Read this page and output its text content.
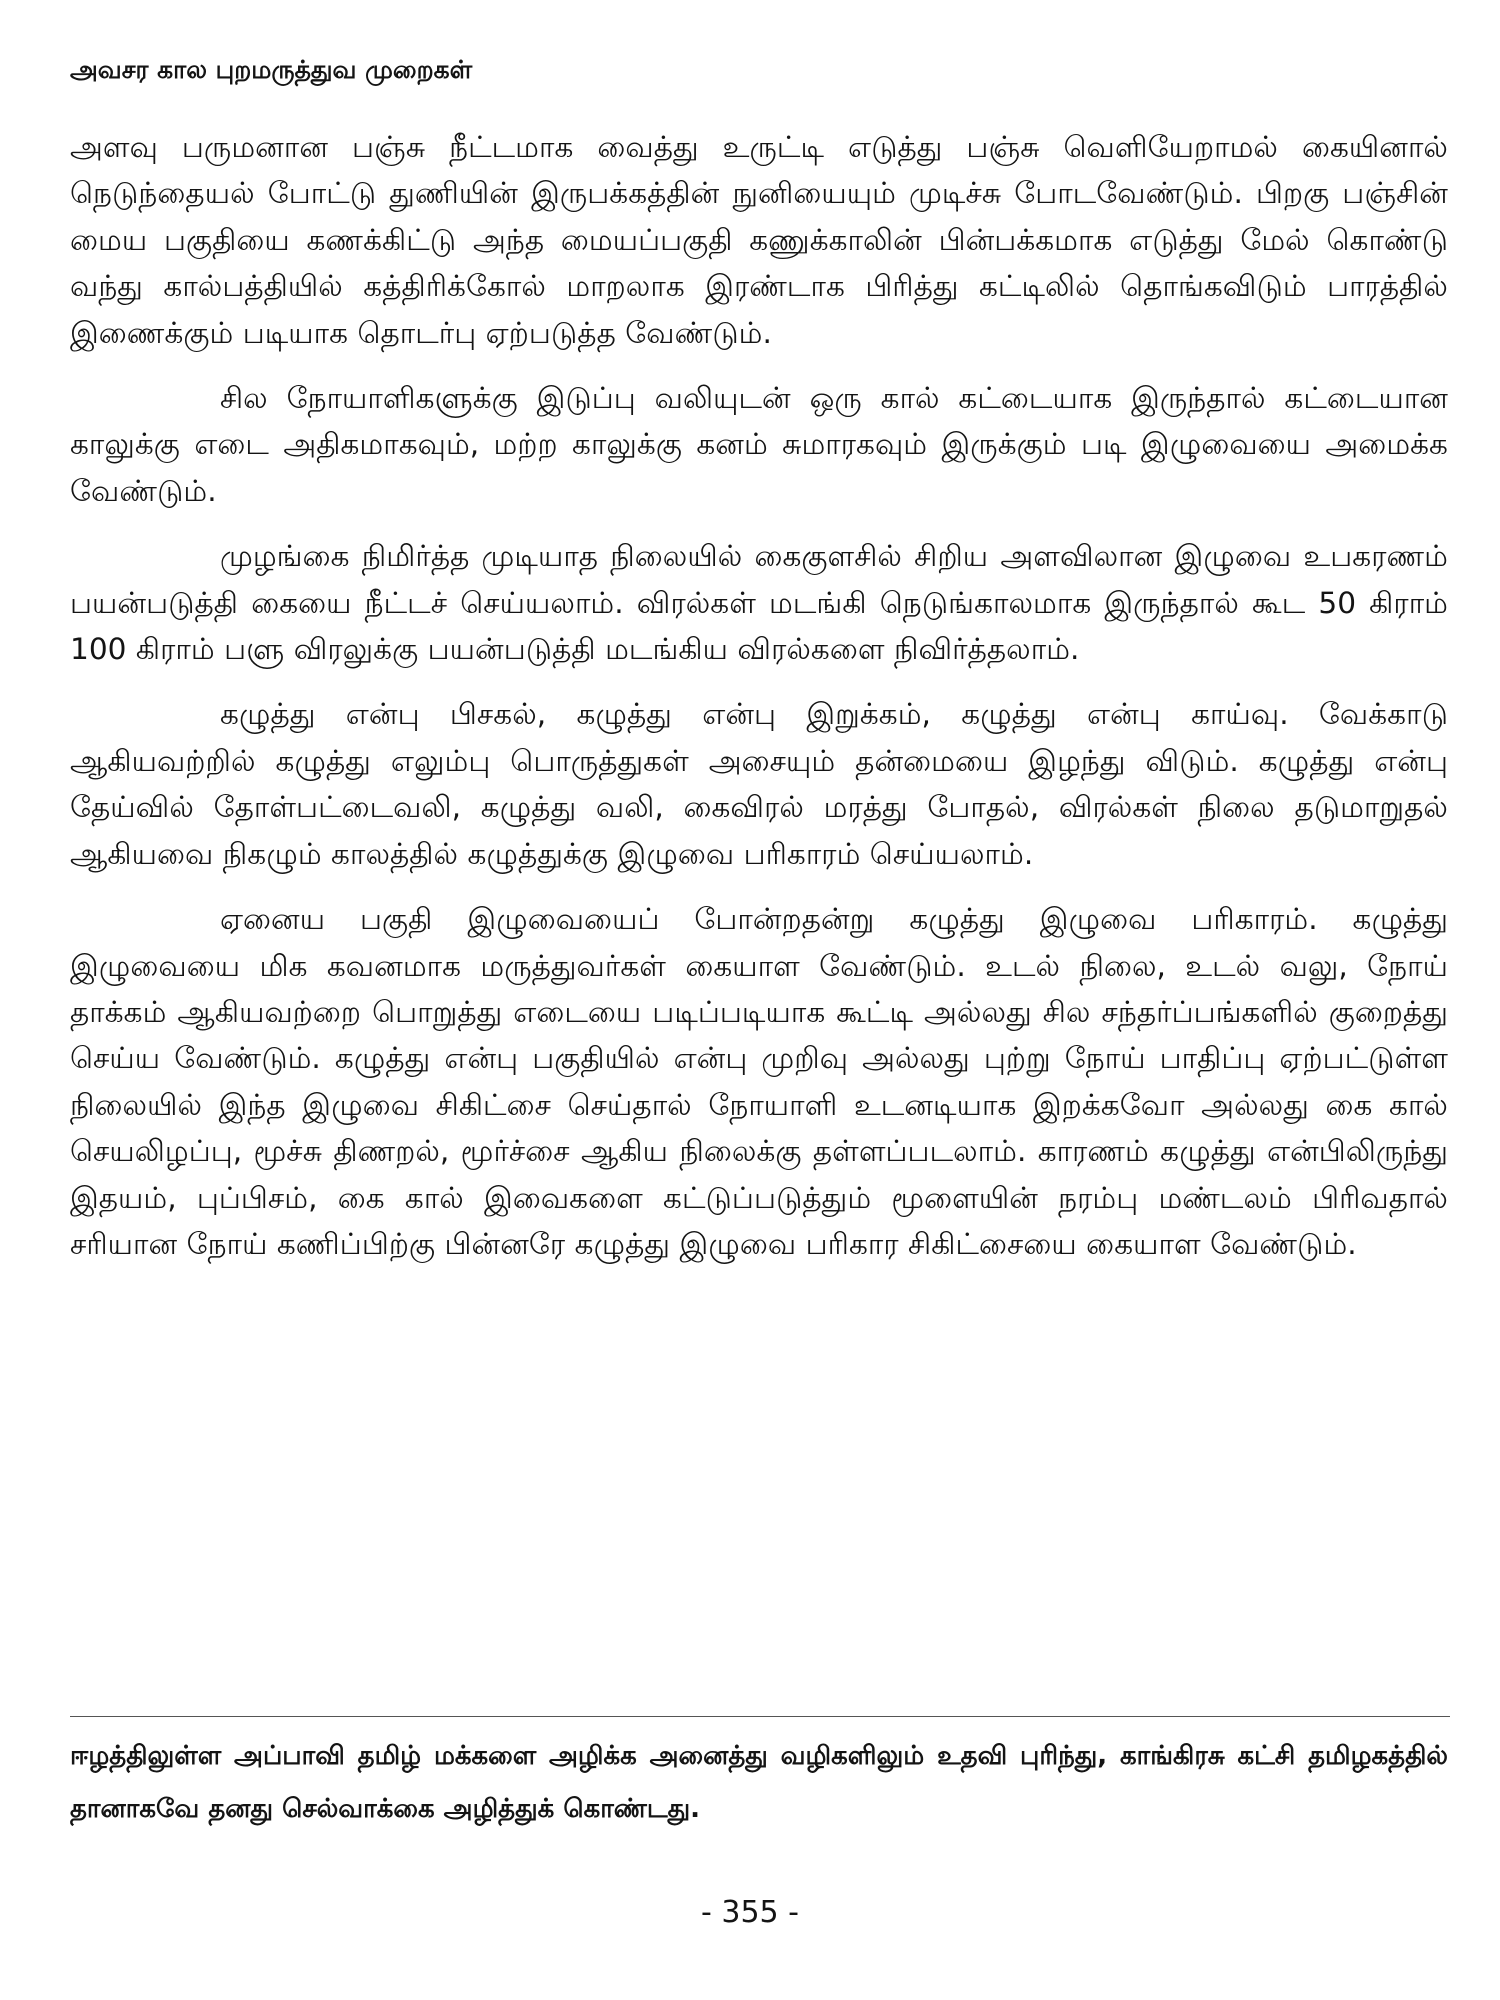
அவசர கால புறமருத்துவ முறைகள்

அளவு பருமனான பஞ்சு நீட்டமாக வைத்து உருட்டி எடுத்து பஞ்சு வெளியேறாமல் கையினால் நெடுந்தையல் போட்டு துணியின் இருபக்கத்தின் நுனியையும் முடிச்சு போடவேண்டும். பிறகு பஞ்சின் மைய பகுதியை கணக்கிட்டு அந்த மையப்பகுதி கணுக்காலின் பின்பக்கமாக எடுத்து மேல் கொண்டு வந்து கால்பத்தியில் கத்திரிக்கோல் மாறலாக இரண்டாக பிரித்து கட்டிலில் தொங்கவிடும் பாரத்தில் இணைக்கும் படியாக தொடர்பு ஏற்படுத்த வேண்டும்.

சில நோயாளிகளுக்கு இடுப்பு வலியுடன் ஒரு கால் கட்டையாக இருந்தால் கட்டையான காலுக்கு எடை அதிகமாகவும், மற்ற காலுக்கு கனம் சுமாரகவும் இருக்கும் படி இழுவையை அமைக்க வேண்டும்.

முழங்கை நிமிர்த்த முடியாத நிலையில் கைகுளசில் சிறிய அளவிலான இழுவை உபகரணம் பயன்படுத்தி கையை நீட்டச் செய்யலாம். விரல்கள் மடங்கி நெடுங்காலமாக இருந்தால் கூட 50 கிராம் 100 கிராம் பளு விரலுக்கு பயன்படுத்தி மடங்கிய விரல்களை நிவிர்த்தலாம்.

கழுத்து என்பு பிசகல், கழுத்து என்பு இறுக்கம், கழுத்து என்பு காய்வு. வேக்காடு ஆகியவற்றில் கழுத்து எலும்பு பொருத்துகள் அசையும் தன்மையை இழந்து விடும். கழுத்து என்பு தேய்வில் தோள்பட்டைவலி, கழுத்து வலி, கைவிரல் மரத்து போதல், விரல்கள் நிலை தடுமாறுதல் ஆகியவை நிகழும் காலத்தில் கழுத்துக்கு இழுவை பரிகாரம் செய்யலாம்.

ஏனைய பகுதி இழுவையைப் போன்றதன்று கழுத்து இழுவை பரிகாரம். கழுத்து இழுவையை மிக கவனமாக மருத்துவர்கள் கையாள வேண்டும். உடல் நிலை, உடல் வலு, நோய் தாக்கம் ஆகியவற்றை பொறுத்து எடையை படிப்படியாக கூட்டி அல்லது சில சந்தர்ப்பங்களில் குறைத்து செய்ய வேண்டும். கழுத்து என்பு பகுதியில் என்பு முறிவு அல்லது புற்று நோய் பாதிப்பு ஏற்பட்டுள்ள நிலையில் இந்த இழுவை சிகிட்சை செய்தால் நோயாளி உடனடியாக இறக்கவோ அல்லது கை கால் செயலிழப்பு, மூச்சு திணறல், மூர்ச்சை ஆகிய நிலைக்கு தள்ளப்படலாம். காரணம் கழுத்து என்பிலிருந்து இதயம், புப்பிசம், கை கால் இவைகளை கட்டுப்படுத்தும் மூளையின் நரம்பு மண்டலம் பிரிவதால் சரியான நோய் கணிப்பிற்கு பின்னரே கழுத்து இழுவை பரிகார சிகிட்சையை கையாள வேண்டும்.

ஈழத்திலுள்ள அப்பாவி தமிழ் மக்களை அழிக்க அனைத்து வழிகளிலும் உதவி புரிந்து, காங்கிரசு கட்சி தமிழகத்தில் தானாகவே தனது செல்வாக்கை அழித்துக் கொண்டது.
- 355 -
